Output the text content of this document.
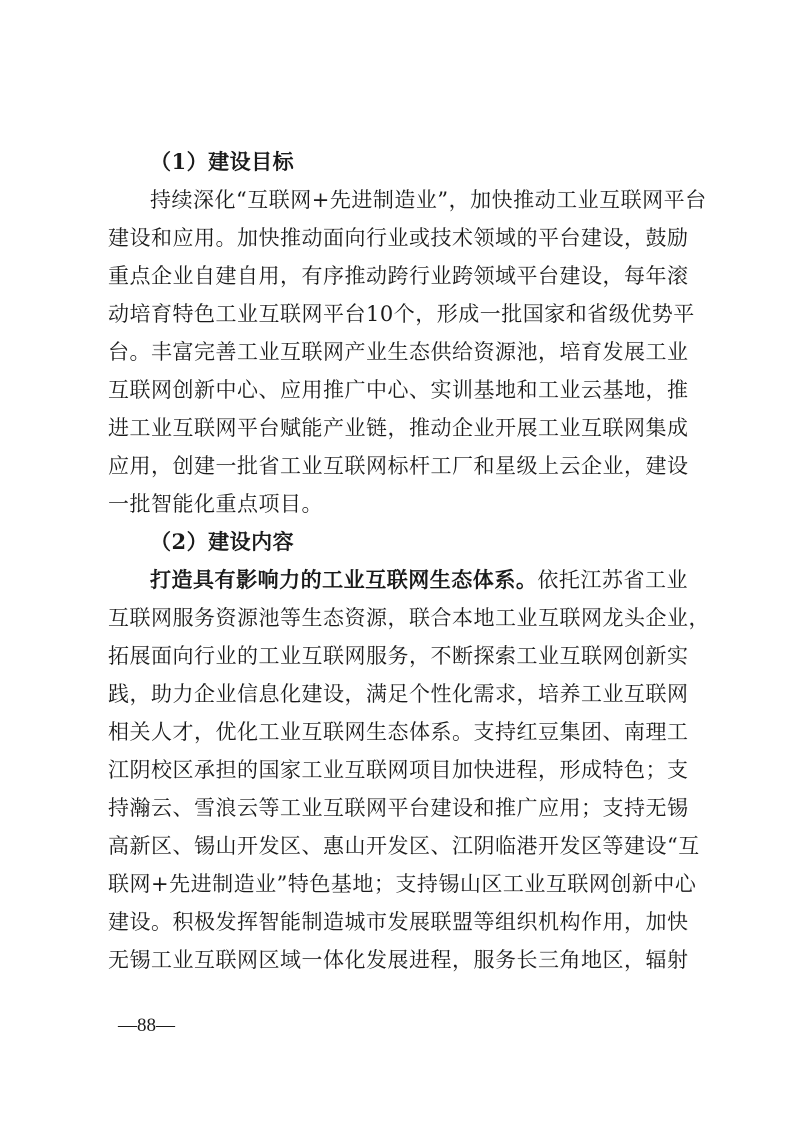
（1）建设目标
持续深化“互联网+先进制造业”，加快推动工业互联网平台
建设和应用。加快推动面向行业或技术领域的平台建设，鼓励
重点企业自建自用，有序推动跨行业跨领域平台建设，每年滚
动培育特色工业互联网平台10个，形成一批国家和省级优势平
台。丰富完善工业互联网产业生态供给资源池，培育发展工业
互联网创新中心、应用推广中心、实训基地和工业云基地，推
进工业互联网平台赋能产业链，推动企业开展工业互联网集成
应用，创建一批省工业互联网标杆工厂和星级上云企业，建设
一批智能化重点项目。
（2）建设内容
打造具有影响力的工业互联网生态体系。依托江苏省工业
互联网服务资源池等生态资源，联合本地工业互联网龙头企业，
拓展面向行业的工业互联网服务，不断探索工业互联网创新实
践，助力企业信息化建设，满足个性化需求，培养工业互联网
相关人才，优化工业互联网生态体系。支持红豆集团、南理工
江阴校区承担的国家工业互联网项目加快进程，形成特色；支
持瀚云、雪浪云等工业互联网平台建设和推广应用；支持无锡
高新区、锡山开发区、惠山开发区、江阴临港开发区等建设“互
联网+先进制造业”特色基地；支持锡山区工业互联网创新中心
建设。积极发挥智能制造城市发展联盟等组织机构作用，加快
无锡工业互联网区域一体化发展进程，服务长三角地区，辐射
—88—
